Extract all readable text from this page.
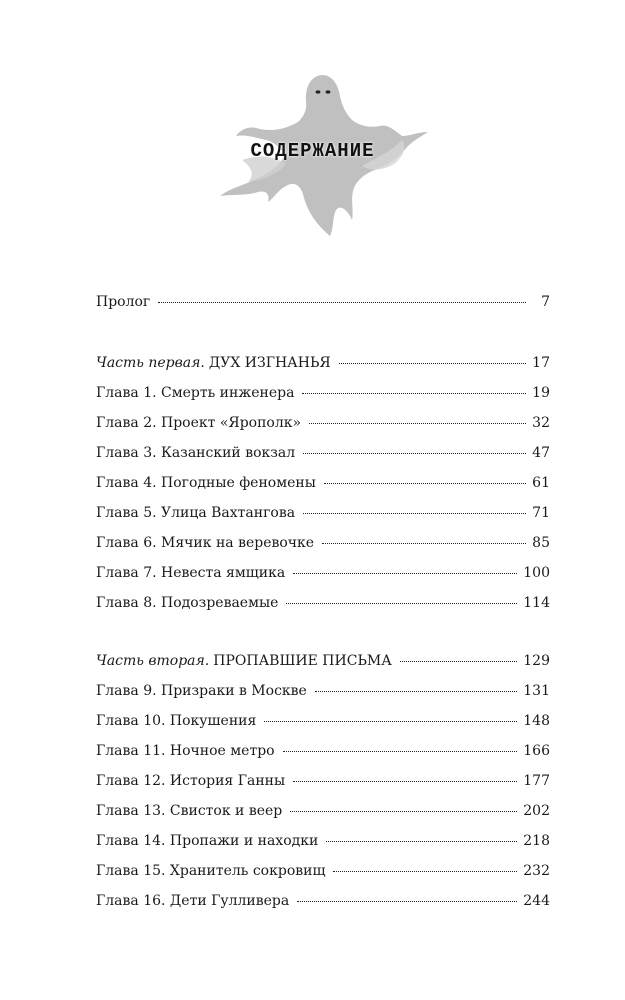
СОДЕРЖАНИЕ
Пролог	7
Часть первая. ДУХ ИЗГНАНЬЯ	17
Глава 1. Смерть инженера	19
Глава 2. Проект «Ярополк»	32
Глава 3. Казанский вокзал	47
Глава 4. Погодные феномены	61
Глава 5. Улица Вахтангова	71
Глава 6. Мячик на веревочке	85
Глава 7. Невеста ямщика	100
Глава 8. Подозреваемые	114
Часть вторая. ПРОПАВШИЕ ПИСЬМА	129
Глава 9. Призраки в Москве	131
Глава 10. Покушения	148
Глава 11. Ночное метро	166
Глава 12. История Ганны	177
Глава 13. Свисток и веер	202
Глава 14. Пропажи и находки	218
Глава 15. Хранитель сокровищ	232
Глава 16. Дети Гулливера	244
